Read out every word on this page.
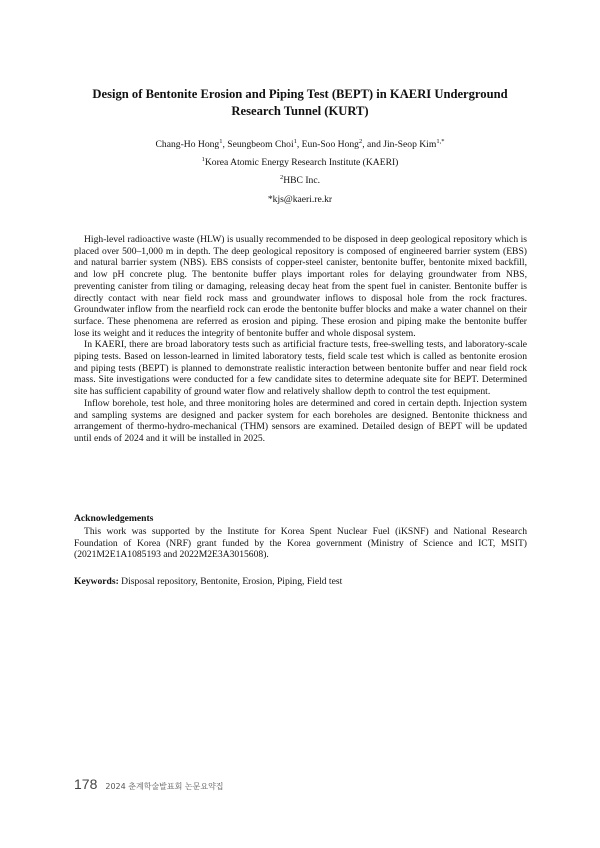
Design of Bentonite Erosion and Piping Test (BEPT) in KAERI Underground Research Tunnel (KURT)
Chang-Ho Hong$^1$, Seungbeom Choi$^1$, Eun-Soo Hong$^2$, and Jin-Seop Kim$^{1,*}$
$^1$Korea Atomic Energy Research Institute (KAERI)
$^2$HBC Inc.
*kjs@kaeri.re.kr

High-level radioactive waste (HLW) is usually recommended to be disposed in deep geological repository which is placed over 500–1,000 m in depth. The deep geological repository is composed of engineered barrier system (EBS) and natural barrier system (NBS). EBS consists of copper-steel canister, bentonite buffer, bentonite mixed backfill, and low pH concrete plug. The bentonite buffer plays important roles for delaying groundwater from NBS, preventing canister from tiling or damaging, releasing decay heat from the spent fuel in canister. Bentonite buffer is directly contact with near field rock mass and groundwater inflows to disposal hole from the rock fractures. Groundwater inflow from the nearfield rock can erode the bentonite buffer blocks and make a water channel on their surface. These phenomena are referred as erosion and piping. These erosion and piping make the bentonite buffer lose its weight and it reduces the integrity of bentonite buffer and whole disposal system.

In KAERI, there are broad laboratory tests such as artificial fracture tests, free-swelling tests, and laboratory-scale piping tests. Based on lesson-learned in limited laboratory tests, field scale test which is called as bentonite erosion and piping tests (BEPT) is planned to demonstrate realistic interaction between bentonite buffer and near field rock mass. Site investigations were conducted for a few candidate sites to determine adequate site for BEPT. Determined site has sufficient capability of ground water flow and relatively shallow depth to control the test equipment.

Inflow borehole, test hole, and three monitoring holes are determined and cored in certain depth. Injection system and sampling systems are designed and packer system for each boreholes are designed. Bentonite thickness and arrangement of thermo-hydro-mechanical (THM) sensors are examined. Detailed design of BEPT will be updated until ends of 2024 and it will be installed in 2025.

Acknowledgements

This work was supported by the Institute for Korea Spent Nuclear Fuel (iKSNF) and National Research Foundation of Korea (NRF) grant funded by the Korea government (Ministry of Science and ICT, MSIT) (2021M2E1A1085193 and 2022M2E3A3015608).

Keywords: Disposal repository, Bentonite, Erosion, Piping, Field test
178 2024 춘계학술발표회 논문요약집
